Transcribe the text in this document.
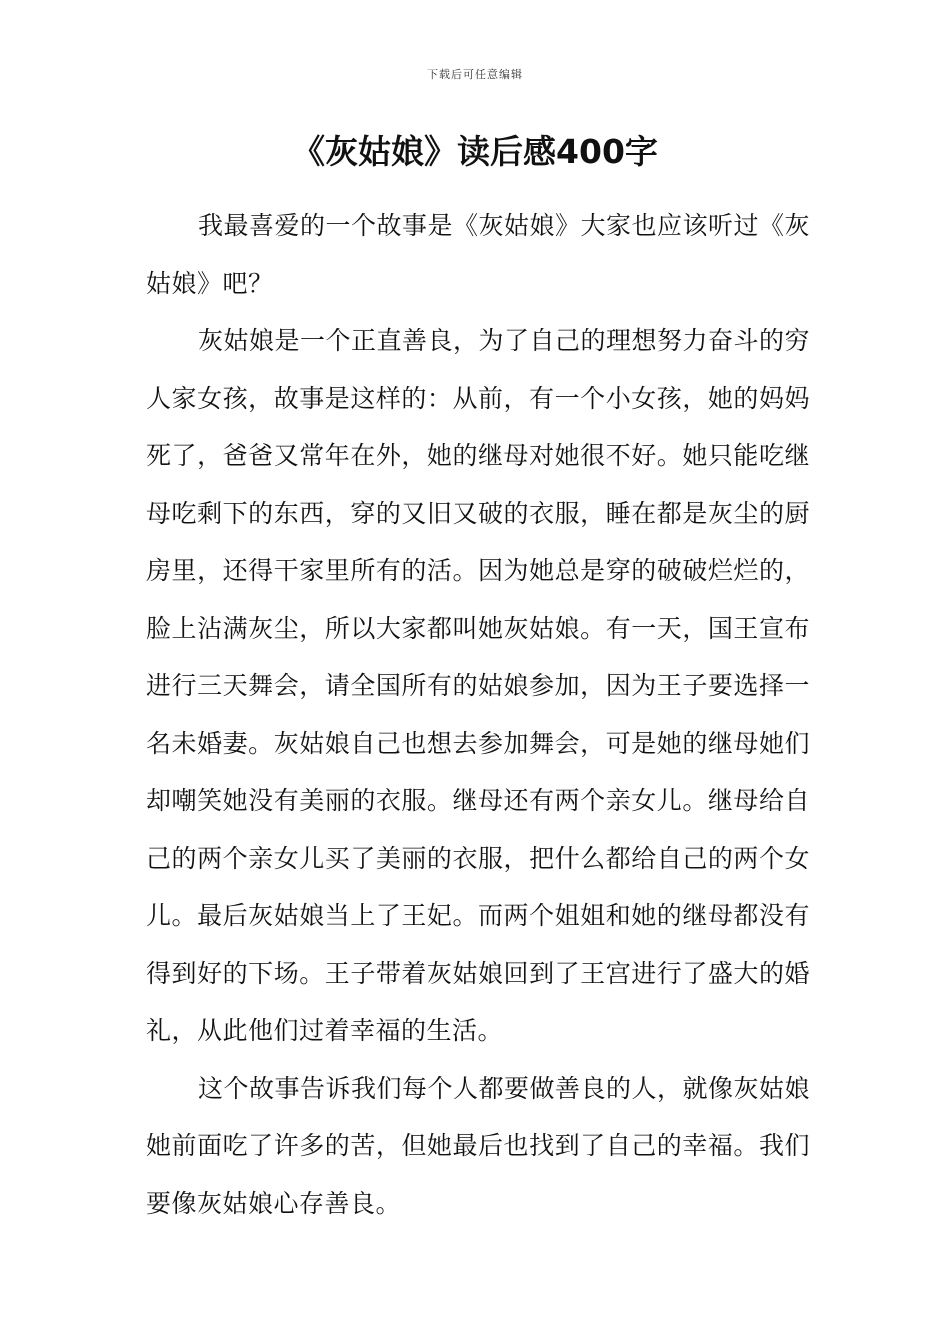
下载后可任意编辑
《灰姑娘》读后感400字

我最喜爱的一个故事是《灰姑娘》大家也应该听过《灰姑娘》吧？

灰姑娘是一个正直善良，为了自己的理想努力奋斗的穷人家女孩，故事是这样的：从前，有一个小女孩，她的妈妈死了，爸爸又常年在外，她的继母对她很不好。她只能吃继母吃剩下的东西，穿的又旧又破的衣服，睡在都是灰尘的厨房里，还得干家里所有的活。因为她总是穿的破破烂烂的，脸上沾满灰尘，所以大家都叫她灰姑娘。有一天，国王宣布进行三天舞会，请全国所有的姑娘参加，因为王子要选择一名未婚妻。灰姑娘自己也想去参加舞会，可是她的继母她们却嘲笑她没有美丽的衣服。继母还有两个亲女儿。继母给自己的两个亲女儿买了美丽的衣服，把什么都给自己的两个女儿。最后灰姑娘当上了王妃。而两个姐姐和她的继母都没有得到好的下场。王子带着灰姑娘回到了王宫进行了盛大的婚礼，从此他们过着幸福的生活。

这个故事告诉我们每个人都要做善良的人，就像灰姑娘她前面吃了许多的苦，但她最后也找到了自己的幸福。我们要像灰姑娘心存善良。
